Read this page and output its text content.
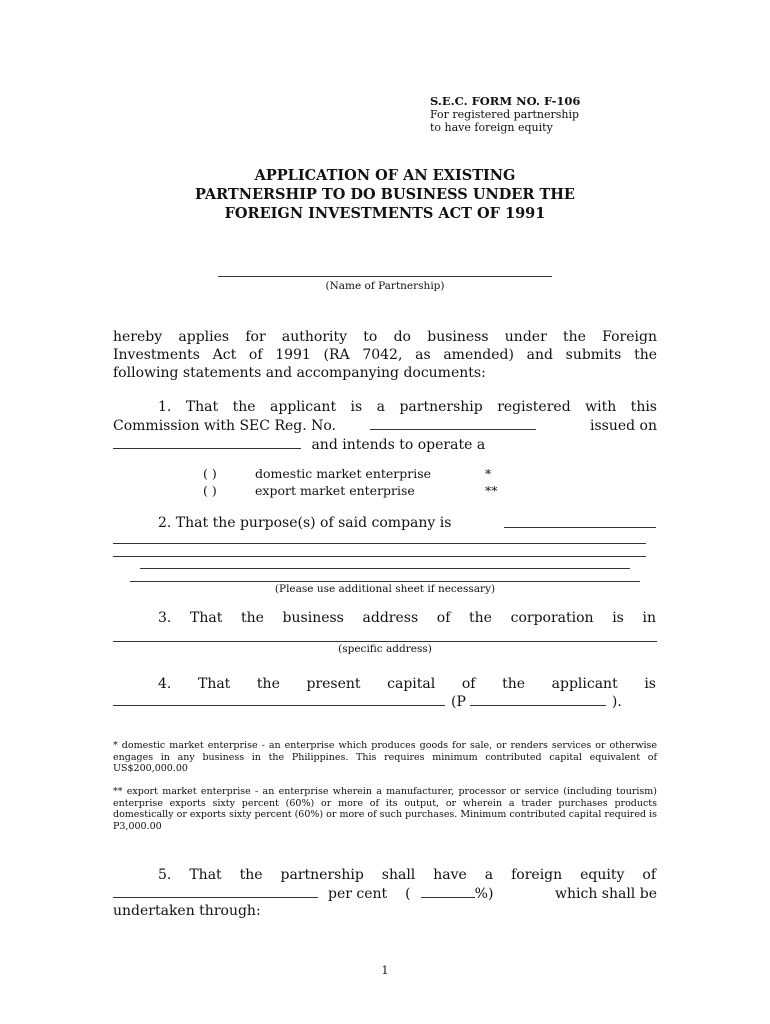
S.E.C. FORM NO. F-106
For registered partnership
to have foreign equity
APPLICATION OF AN EXISTING
PARTNERSHIP TO DO BUSINESS UNDER THE
FOREIGN INVESTMENTS ACT OF 1991
(Name of Partnership)
hereby applies for authority to do business under the Foreign
Investments Act of 1991 (RA 7042, as amended) and submits the
following statements and accompanying documents:
1. That the applicant is a partnership registered with this
Commission with SEC Reg. No.	issued on
and intends to operate a
( )	domestic market enterprise	*
( )	export market enterprise	**
2. That the purpose(s) of said company is
(Please use additional sheet if necessary)
3. That the business address of the corporation is in
(specific address)
4. That the present capital of the applicant is
(P	).
* domestic market enterprise - an enterprise which produces goods for sale, or renders services or otherwise engages in any business in the Philippines. This requires minimum contributed capital equivalent of US$200,000.00
** export market enterprise - an enterprise wherein a manufacturer, processor or service (including tourism) enterprise exports sixty percent (60%) or more of its output, or wherein a trader purchases products domestically or exports sixty percent (60%) or more of such purchases. Minimum contributed capital required is P3,000.00
5. That the partnership shall have a foreign equity of
per cent (	%)	which shall be
undertaken through:
1
